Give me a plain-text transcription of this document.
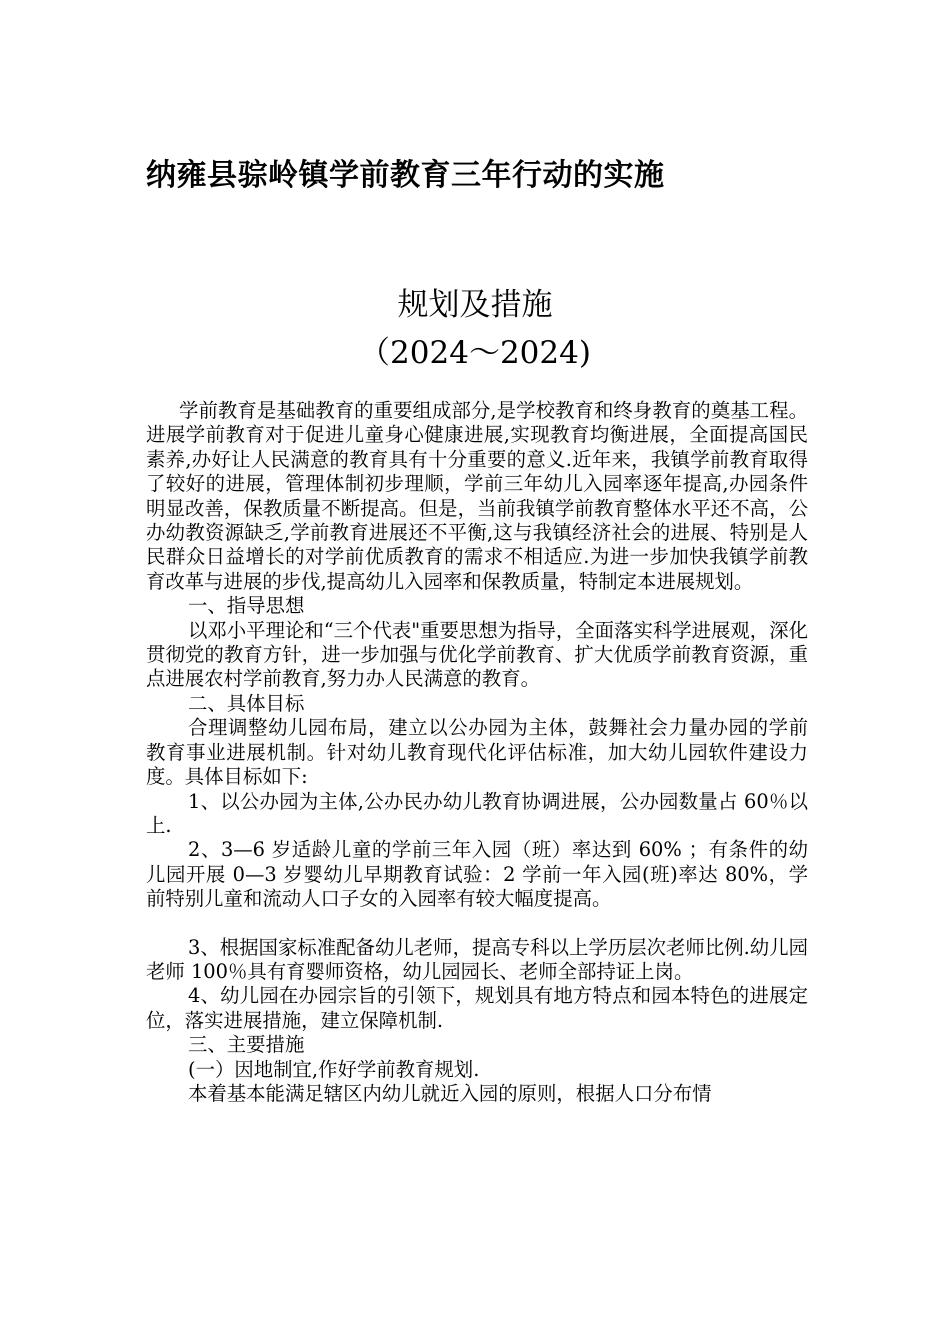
纳雍县骔岭镇学前教育三年行动的实施
规划及措施
（2024～2024)

学前教育是基础教育的重要组成部分,是学校教育和终身教育的奠基工程。进展学前教育对于促进儿童身心健康进展,实现教育均衡进展，全面提高国民素养,办好让人民满意的教育具有十分重要的意义.近年来，我镇学前教育取得了较好的进展，管理体制初步理顺，学前三年幼儿入园率逐年提高,办园条件明显改善，保教质量不断提高。但是，当前我镇学前教育整体水平还不高，公办幼教资源缺乏,学前教育进展还不平衡,这与我镇经济社会的进展、特别是人民群众日益增长的对学前优质教育的需求不相适应.为进一步加快我镇学前教育改革与进展的步伐,提高幼儿入园率和保教质量，特制定本进展规划。

一、指导思想

以邓小平理论和“三个代表"重要思想为指导，全面落实科学进展观，深化贯彻党的教育方针，进一步加强与优化学前教育、扩大优质学前教育资源，重点进展农村学前教育,努力办人民满意的教育。

二、具体目标

合理调整幼儿园布局，建立以公办园为主体，鼓舞社会力量办园的学前教育事业进展机制。针对幼儿教育现代化评估标准，加大幼儿园软件建设力度。具体目标如下:

1、以公办园为主体,公办民办幼儿教育协调进展，公办园数量占 60％以上.

2、3—6 岁适龄儿童的学前三年入园（班）率达到 60% ；有条件的幼儿园开展 0—3 岁婴幼儿早期教育试验：2 学前一年入园(班)率达 80%，学前特别儿童和流动人口子女的入园率有较大幅度提高。

3、根据国家标准配备幼儿老师，提高专科以上学历层次老师比例.幼儿园老师 100％具有育婴师资格，幼儿园园长、老师全部持证上岗。

4、幼儿园在办园宗旨的引领下，规划具有地方特点和园本特色的进展定位，落实进展措施，建立保障机制.

三、主要措施

(一）因地制宜,作好学前教育规划.

本着基本能满足辖区内幼儿就近入园的原则，根据人口分布情
